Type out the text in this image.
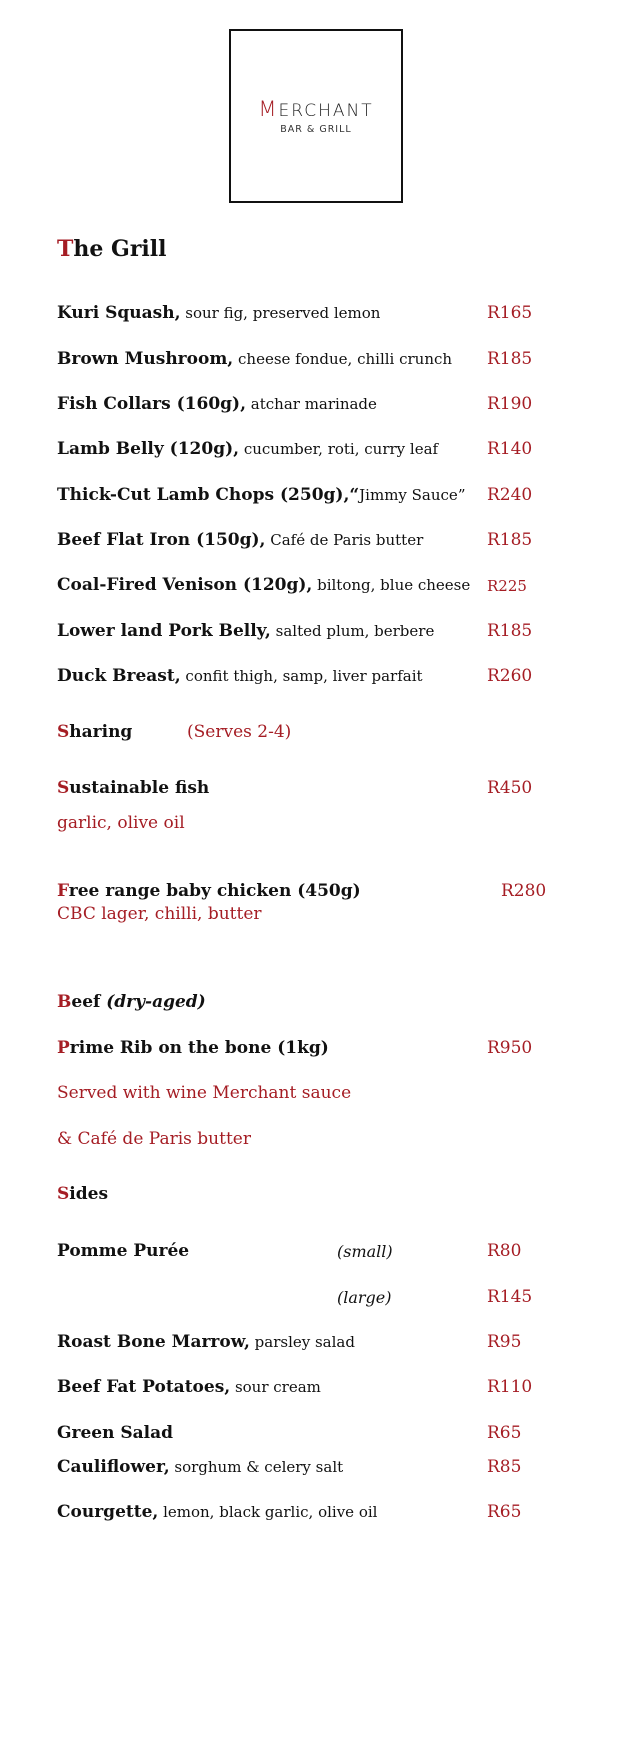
MERCHANT
BAR & GRILL
The Grill
Kuri Squash, sour fig, preserved lemon	R165
Brown Mushroom, cheese fondue, chilli crunch R185
Fish Collars (160g), atchar marinade	R190
Lamb Belly (120g), cucumber, roti, curry leaf	R140
Thick-Cut Lamb Chops (250g),“Jimmy Sauce” R240
Beef Flat Iron (150g), Café de Paris butter	R185
Coal-Fired Venison (120g), biltong, blue cheese R225
Lower land Pork Belly, salted plum, berbere	R185
Duck Breast, confit thigh, samp, liver parfait	R260
Sharing	(Serves 2-4)
Sustainable fish	R450
garlic, olive oil
Free range baby chicken (450g)	R280
CBC lager, chilli, butter
Beef (dry-aged)
Prime Rib on the bone (1kg)	R950
Served with wine Merchant sauce
& Café de Paris butter
Sides
Pomme Purée	(small)	R80
(large)	R145
Roast Bone Marrow, parsley salad	R95
Beef Fat Potatoes, sour cream	R110
Green Salad	R65
Cauliflower, sorghum & celery salt	R85
Courgette, lemon, black garlic, olive oil	R65
